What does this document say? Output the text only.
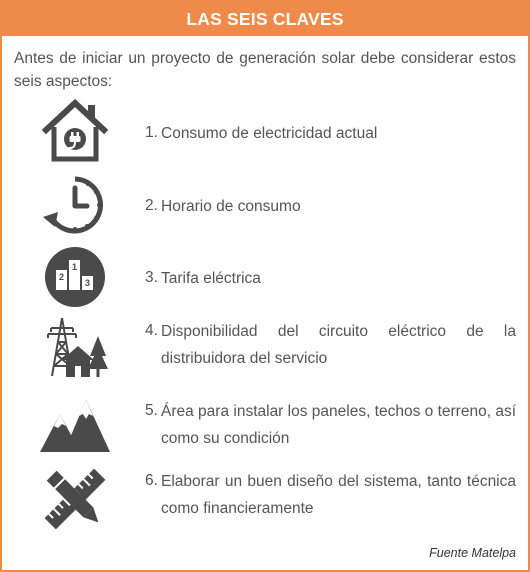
LAS SEIS CLAVES
Antes de iniciar un proyecto de generación solar debe considerar estos seis aspectos:
1. Consumo de electricidad actual
2. Horario de consumo
2
1
3	3. Tarifa eléctrica
4. Disponibilidad del circuito eléctrico de la distribuidora del servicio
5. Área para instalar los paneles, techos o terreno, así como su condición
6. Elaborar un buen diseño del sistema, tanto técnica como financieramente
Fuente Matelpa
